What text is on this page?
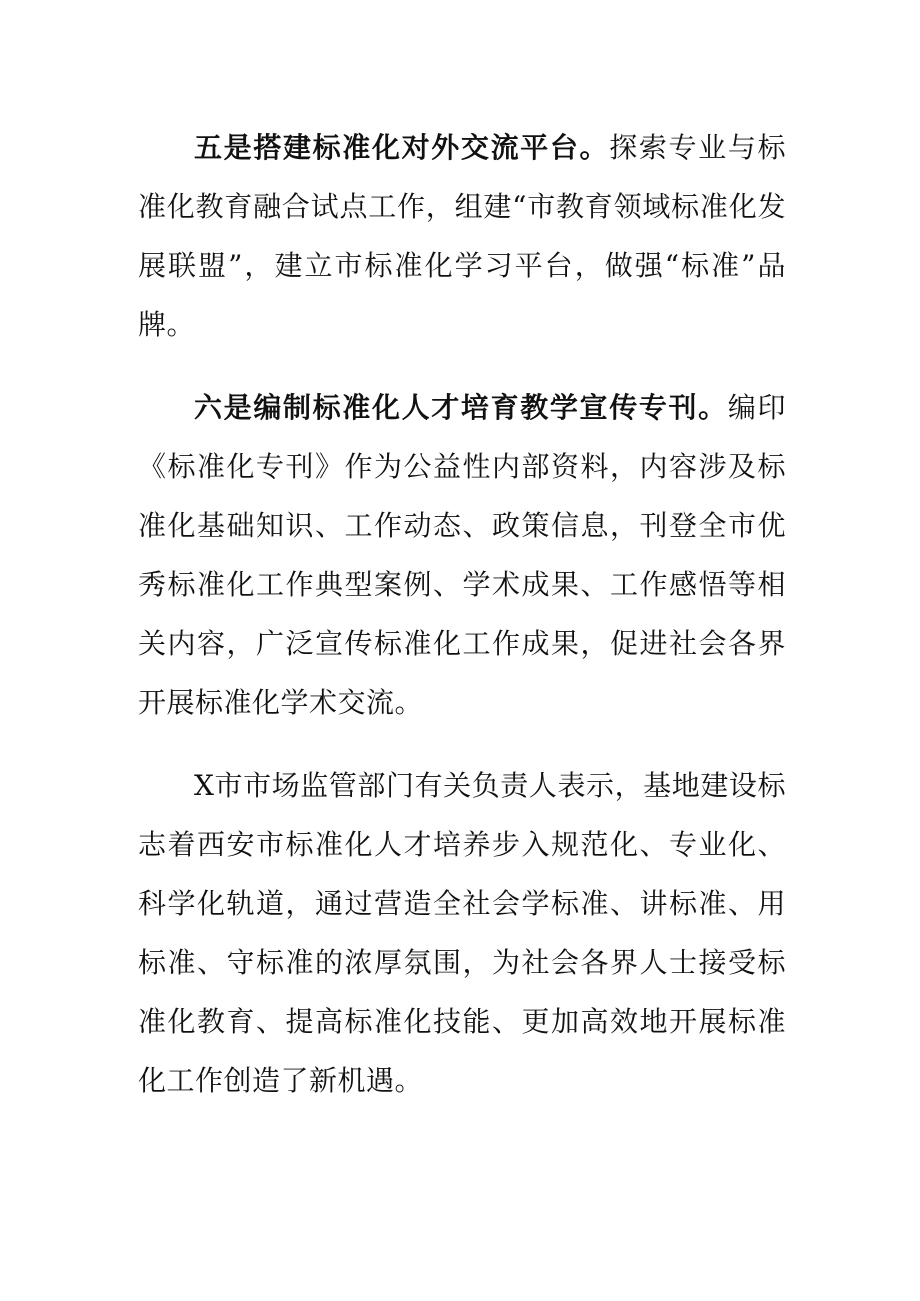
五是搭建标准化对外交流平台。探索专业与标准化教育融合试点工作，组建“市教育领域标准化发展联盟”，建立市标准化学习平台，做强“标准”品牌。

六是编制标准化人才培育教学宣传专刊。编印《标准化专刊》作为公益性内部资料，内容涉及标准化基础知识、工作动态、政策信息，刊登全市优秀标准化工作典型案例、学术成果、工作感悟等相关内容，广泛宣传标准化工作成果，促进社会各界开展标准化学术交流。

X市市场监管部门有关负责人表示，基地建设标志着西安市标准化人才培养步入规范化、专业化、科学化轨道，通过营造全社会学标准、讲标准、用标准、守标准的浓厚氛围，为社会各界人士接受标准化教育、提高标准化技能、更加高效地开展标准化工作创造了新机遇。
